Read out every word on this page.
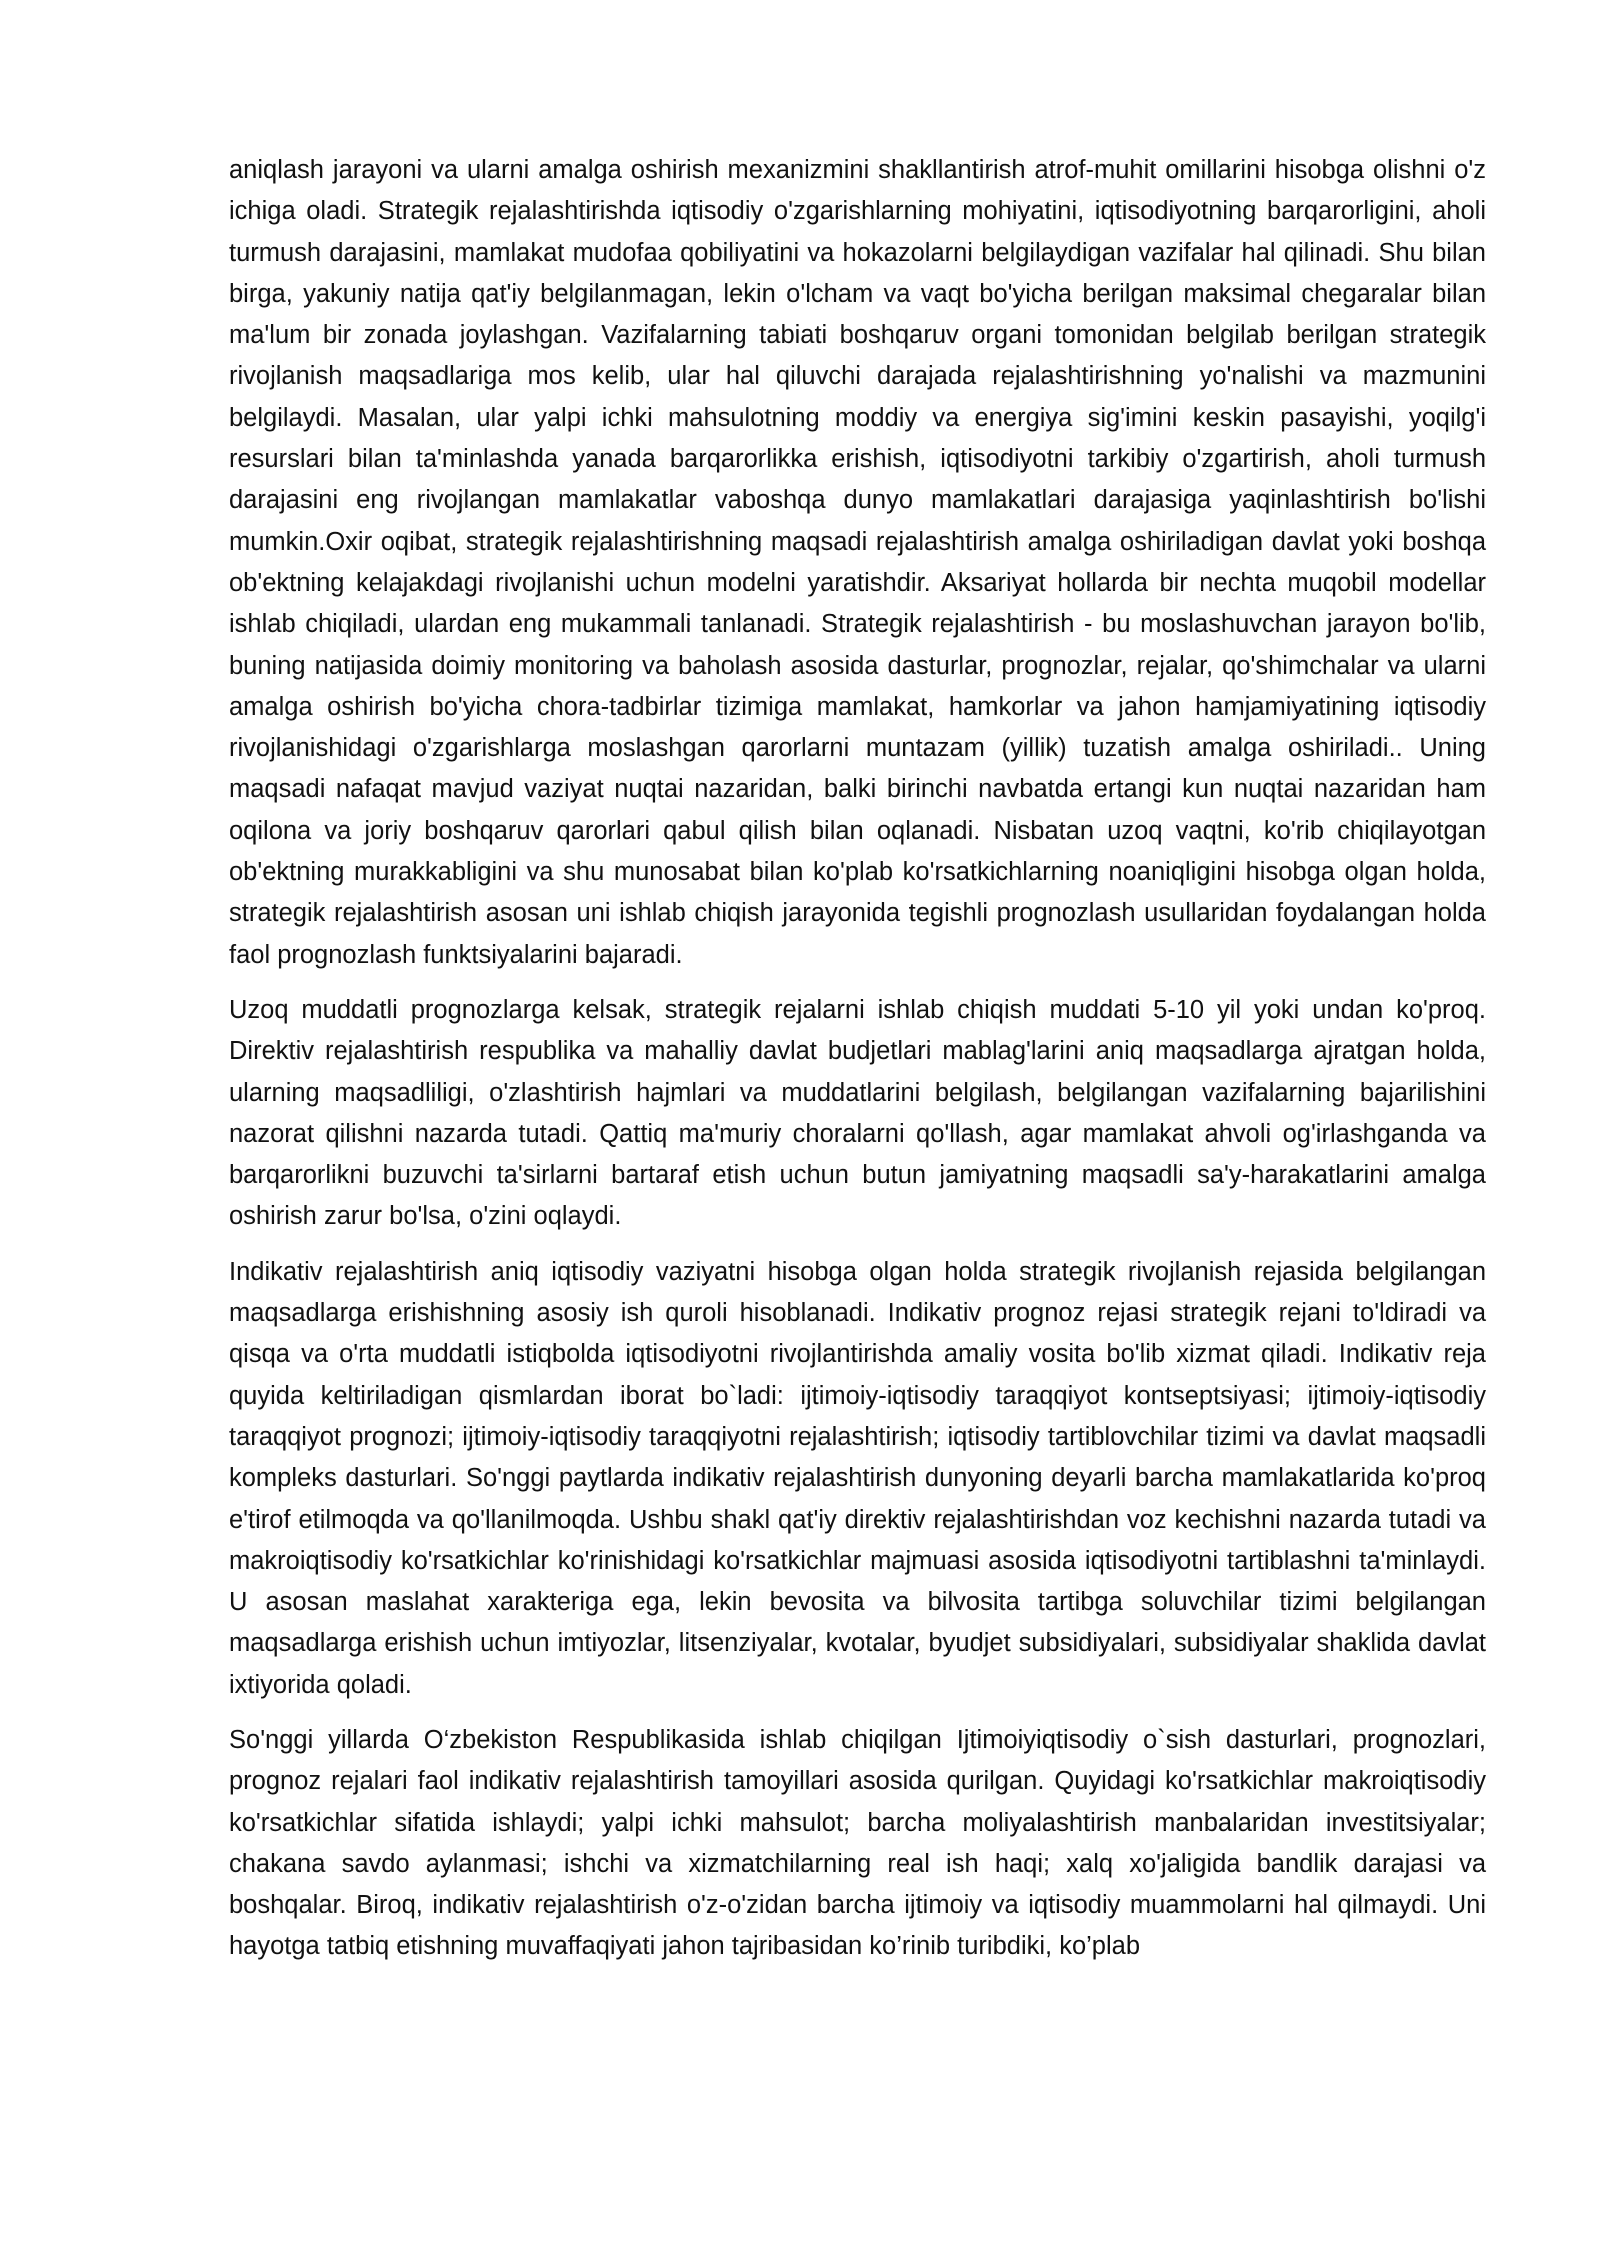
aniqlash jarayoni va ularni amalga oshirish mexanizmini shakllantirish atrof-muhit omillarini hisobga olishni o'z ichiga oladi. Strategik rejalashtirishda iqtisodiy o'zgarishlarning mohiyatini, iqtisodiyotning barqarorligini, aholi turmush darajasini, mamlakat mudofaa qobiliyatini va hokazolarni belgilaydigan vazifalar hal qilinadi. Shu bilan birga, yakuniy natija qat'iy belgilanmagan, lekin o'lcham va vaqt bo'yicha berilgan maksimal chegaralar bilan ma'lum bir zonada joylashgan. Vazifalarning tabiati boshqaruv organi tomonidan belgilab berilgan strategik rivojlanish maqsadlariga mos kelib, ular hal qiluvchi darajada rejalashtirishning yo'nalishi va mazmunini belgilaydi. Masalan, ular yalpi ichki mahsulotning moddiy va energiya sig'imini keskin pasayishi, yoqilg'i resurslari bilan ta'minlashda yanada barqarorlikka erishish, iqtisodiyotni tarkibiy o'zgartirish, aholi turmush darajasini eng rivojlangan mamlakatlar vaboshqa dunyo mamlakatlari darajasiga yaqinlashtirish bo'lishi mumkin.Oxir oqibat, strategik rejalashtirishning maqsadi rejalashtirish amalga oshiriladigan davlat yoki boshqa ob'ektning kelajakdagi rivojlanishi uchun modelni yaratishdir. Aksariyat hollarda bir nechta muqobil modellar ishlab chiqiladi, ulardan eng mukammali tanlanadi. Strategik rejalashtirish - bu moslashuvchan jarayon bo'lib, buning natijasida doimiy monitoring va baholash asosida dasturlar, prognozlar, rejalar, qo'shimchalar va ularni amalga oshirish bo'yicha chora-tadbirlar tizimiga mamlakat, hamkorlar va jahon hamjamiyatining iqtisodiy rivojlanishidagi o'zgarishlarga moslashgan qarorlarni muntazam (yillik) tuzatish amalga oshiriladi.. Uning maqsadi nafaqat mavjud vaziyat nuqtai nazaridan, balki birinchi navbatda ertangi kun nuqtai nazaridan ham oqilona va joriy boshqaruv qarorlari qabul qilish bilan oqlanadi. Nisbatan uzoq vaqtni, ko'rib chiqilayotgan ob'ektning murakkabligini va shu munosabat bilan ko'plab ko'rsatkichlarning noaniqligini hisobga olgan holda, strategik rejalashtirish asosan uni ishlab chiqish jarayonida tegishli prognozlash usullaridan foydalangan holda faol prognozlash funktsiyalarini bajaradi.

Uzoq muddatli prognozlarga kelsak, strategik rejalarni ishlab chiqish muddati 5-10 yil yoki undan ko'proq. Direktiv rejalashtirish respublika va mahalliy davlat budjetlari mablag'larini aniq maqsadlarga ajratgan holda, ularning maqsadliligi, o'zlashtirish hajmlari va muddatlarini belgilash, belgilangan vazifalarning bajarilishini nazorat qilishni nazarda tutadi. Qattiq ma'muriy choralarni qo'llash, agar mamlakat ahvoli og'irlashganda va barqarorlikni buzuvchi ta'sirlarni bartaraf etish uchun butun jamiyatning maqsadli sa'y-harakatlarini amalga oshirish zarur bo'lsa, o'zini oqlaydi.

Indikativ rejalashtirish aniq iqtisodiy vaziyatni hisobga olgan holda strategik rivojlanish rejasida belgilangan maqsadlarga erishishning asosiy ish quroli hisoblanadi. Indikativ prognoz rejasi strategik rejani to'ldiradi va qisqa va o'rta muddatli istiqbolda iqtisodiyotni rivojlantirishda amaliy vosita bo'lib xizmat qiladi. Indikativ reja quyida keltiriladigan qismlardan iborat bo`ladi: ijtimoiy-iqtisodiy taraqqiyot kontseptsiyasi; ijtimoiy-iqtisodiy taraqqiyot prognozi; ijtimoiy-iqtisodiy taraqqiyotni rejalashtirish; iqtisodiy tartiblovchilar tizimi va davlat maqsadli kompleks dasturlari. So'nggi paytlarda indikativ rejalashtirish dunyoning deyarli barcha mamlakatlarida ko'proq e'tirof etilmoqda va qo'llanilmoqda. Ushbu shakl qat'iy direktiv rejalashtirishdan voz kechishni nazarda tutadi va makroiqtisodiy ko'rsatkichlar ko'rinishidagi ko'rsatkichlar majmuasi asosida iqtisodiyotni tartiblashni ta'minlaydi. U asosan maslahat xarakteriga ega, lekin bevosita va bilvosita tartibga soluvchilar tizimi belgilangan maqsadlarga erishish uchun imtiyozlar, litsenziyalar, kvotalar, byudjet subsidiyalari, subsidiyalar shaklida davlat ixtiyorida qoladi.

So'nggi yillarda O‘zbekiston Respublikasida ishlab chiqilgan Ijtimoiyiqtisodiy o`sish dasturlari, prognozlari, prognoz rejalari faol indikativ rejalashtirish tamoyillari asosida qurilgan. Quyidagi ko'rsatkichlar makroiqtisodiy ko'rsatkichlar sifatida ishlaydi; yalpi ichki mahsulot; barcha moliyalashtirish manbalaridan investitsiyalar; chakana savdo aylanmasi; ishchi va xizmatchilarning real ish haqi; xalq xo'jaligida bandlik darajasi va boshqalar. Biroq, indikativ rejalashtirish o'z-o'zidan barcha ijtimoiy va iqtisodiy muammolarni hal qilmaydi. Uni hayotga tatbiq etishning muvaffaqiyati jahon tajribasidan ko’rinib turibdiki, ko’plab
